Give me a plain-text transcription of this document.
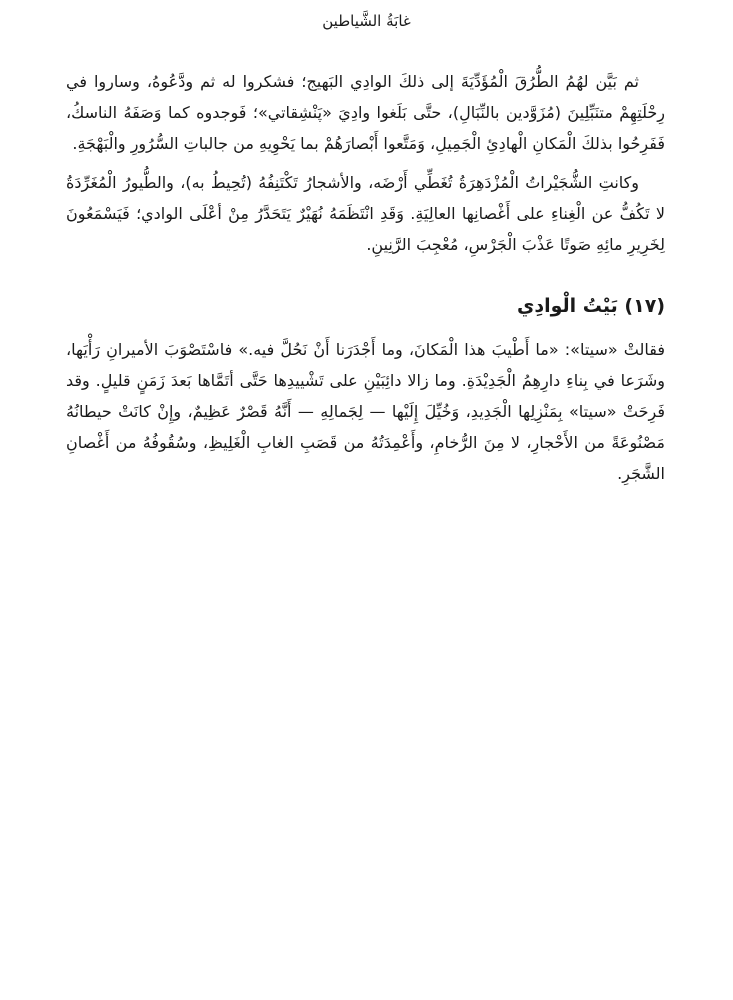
غابَةُ الشَّياطين

ثم بَيَّن لهُمُ الطُّرُقَ الْمُؤَدِّيَةَ إلى ذلكَ الوادِي البَهيج؛ فشكروا له ثم ودَّعُوهُ، وساروا في رِحْلَتِهِمْ متنَبِّلِينَ (مُزَوَّدين بالنِّبَالِ)، حتَّى بَلَغوا وادِيَ «پَنْشِقاتي»؛ فَوجدوه كما وَصَفَهُ الناسكُ، فَفَرِحُوا بذلكَ الْمَكانِ الْهادِئِ الْجَمِيلِ، وَمَتَّعوا أَبْصارَهُمْ بما يَحْوِيهِ من جالباتِ السُّرُورِ والْبَهْجَةِ.

وكانتِ الشُّجَيْراتُ الْمُزْدَهِرَةُ تُغَطِّي أَرْضَه، والأشجارُ تَكْتَنِفُهُ (تُحِيطُ به)، والطُّيورُ الْمُغَرِّدَةُ لا تَكُفُّ عن الْغِناءِ على أَغْصانِها العالِيَةِ. وَقَدِ انْتَظَمَهُ نُهَيْرٌ يَتَحَدَّرُ مِنْ أعْلَى الوادي؛ فَيَسْمَعُونَ لِخَرِيرِ مائِهِ صَوتًا عَذْبَ الْجَرْسِ، مُعْجِبَ الرَّنِينِ.

(١٧) بَيْتُ الْوادِي

فقالتْ «سيتا»: «ما أَطْيبَ هذا الْمَكانَ، وما أَجْدَرَنا أَنْ نَحُلَّ فيه.» فاسْتَصْوَبَ الأميرانِ رَأْيَها، وشَرَعا في بِناءِ دارِهِمُ الْجَدِيْدَةِ. وما زالا دائِبَيْنِ على تَشْييدِها حَتَّى أتَمَّاها بَعدَ زَمَنٍ قليلٍ. وقد فَرِحَتْ «سيتا» بِمَنْزِلِها الْجَدِيدِ، وَخُيِّلَ إِلَيْها — لِجَمالِهِ — أَنَّهُ قَصْرٌ عَظِيمٌ، وإِنْ كانَتْ حيطانُهُ مَصْنُوعَةً من الأَحْجارِ، لا مِنَ الرُّخامِ، وأَعْمِدَتُهُ من قَصَبِ الغابِ الْغَلِيظِ، وسُقُوفُهُ من أَغْصانِ الشَّجَرِ.
